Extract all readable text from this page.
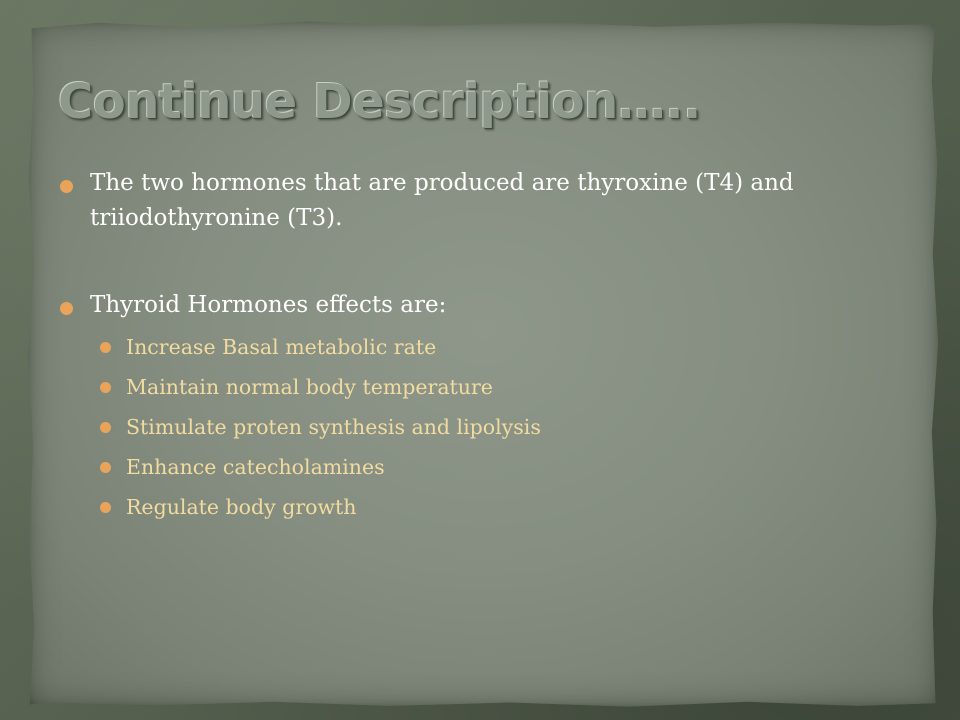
Continue Description…..
The two hormones that are produced are thyroxine (T4) and triiodothyronine (T3).
Thyroid Hormones effects are:
Increase Basal metabolic rate
Maintain normal body temperature
Stimulate proten synthesis and lipolysis
Enhance catecholamines
Regulate body growth
